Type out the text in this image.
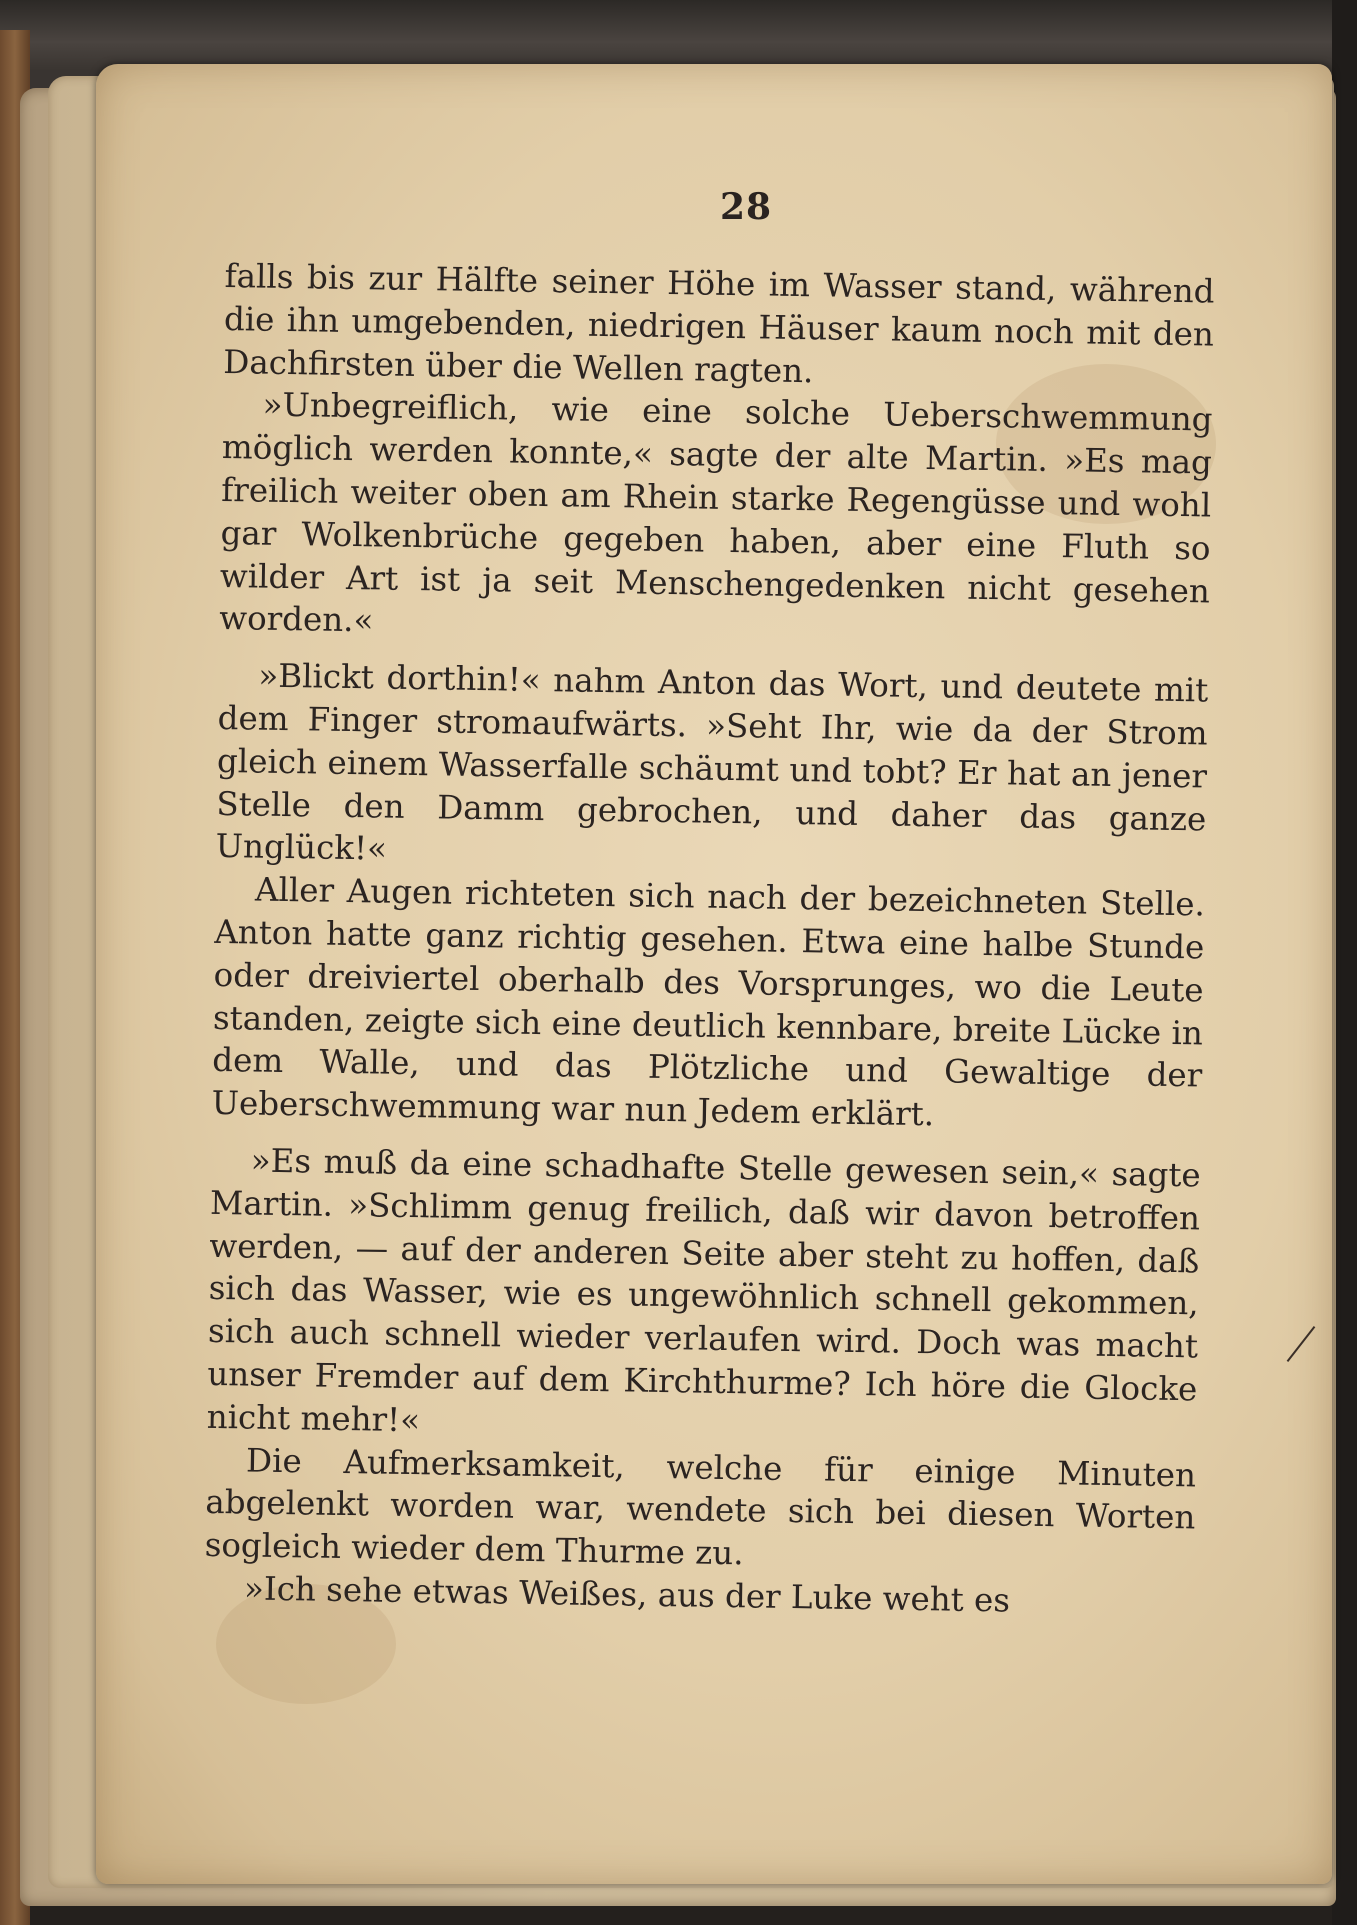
28

falls bis zur Hälfte seiner Höhe im Wasser stand, während die ihn umgebenden, niedrigen Häuser kaum noch mit den Dachfirsten über die Wellen ragten.

»Unbegreiflich, wie eine solche Ueberschwemmung möglich werden konnte,« sagte der alte Martin. »Es mag freilich weiter oben am Rhein starke Regengüsse und wohl gar Wolkenbrüche gegeben haben, aber eine Fluth so wilder Art ist ja seit Menschengedenken nicht gesehen worden.«

»Blickt dorthin!« nahm Anton das Wort, und deutete mit dem Finger stromaufwärts. »Seht Ihr, wie da der Strom gleich einem Wasserfalle schäumt und tobt? Er hat an jener Stelle den Damm gebrochen, und daher das ganze Unglück!«

Aller Augen richteten sich nach der bezeichneten Stelle. Anton hatte ganz richtig gesehen. Etwa eine halbe Stunde oder dreiviertel oberhalb des Vorsprunges, wo die Leute standen, zeigte sich eine deutlich kennbare, breite Lücke in dem Walle, und das Plötzliche und Gewaltige der Ueberschwemmung war nun Jedem erklärt.

»Es muß da eine schadhafte Stelle gewesen sein,« sagte Martin. »Schlimm genug freilich, daß wir davon betroffen werden, — auf der anderen Seite aber steht zu hoffen, daß sich das Wasser, wie es ungewöhnlich schnell gekommen, sich auch schnell wieder verlaufen wird. Doch was macht unser Fremder auf dem Kirchthurme? Ich höre die Glocke nicht mehr!«

Die Aufmerksamkeit, welche für einige Minuten abgelenkt worden war, wendete sich bei diesen Worten sogleich wieder dem Thurme zu.

»Ich sehe etwas Weißes, aus der Luke weht es
